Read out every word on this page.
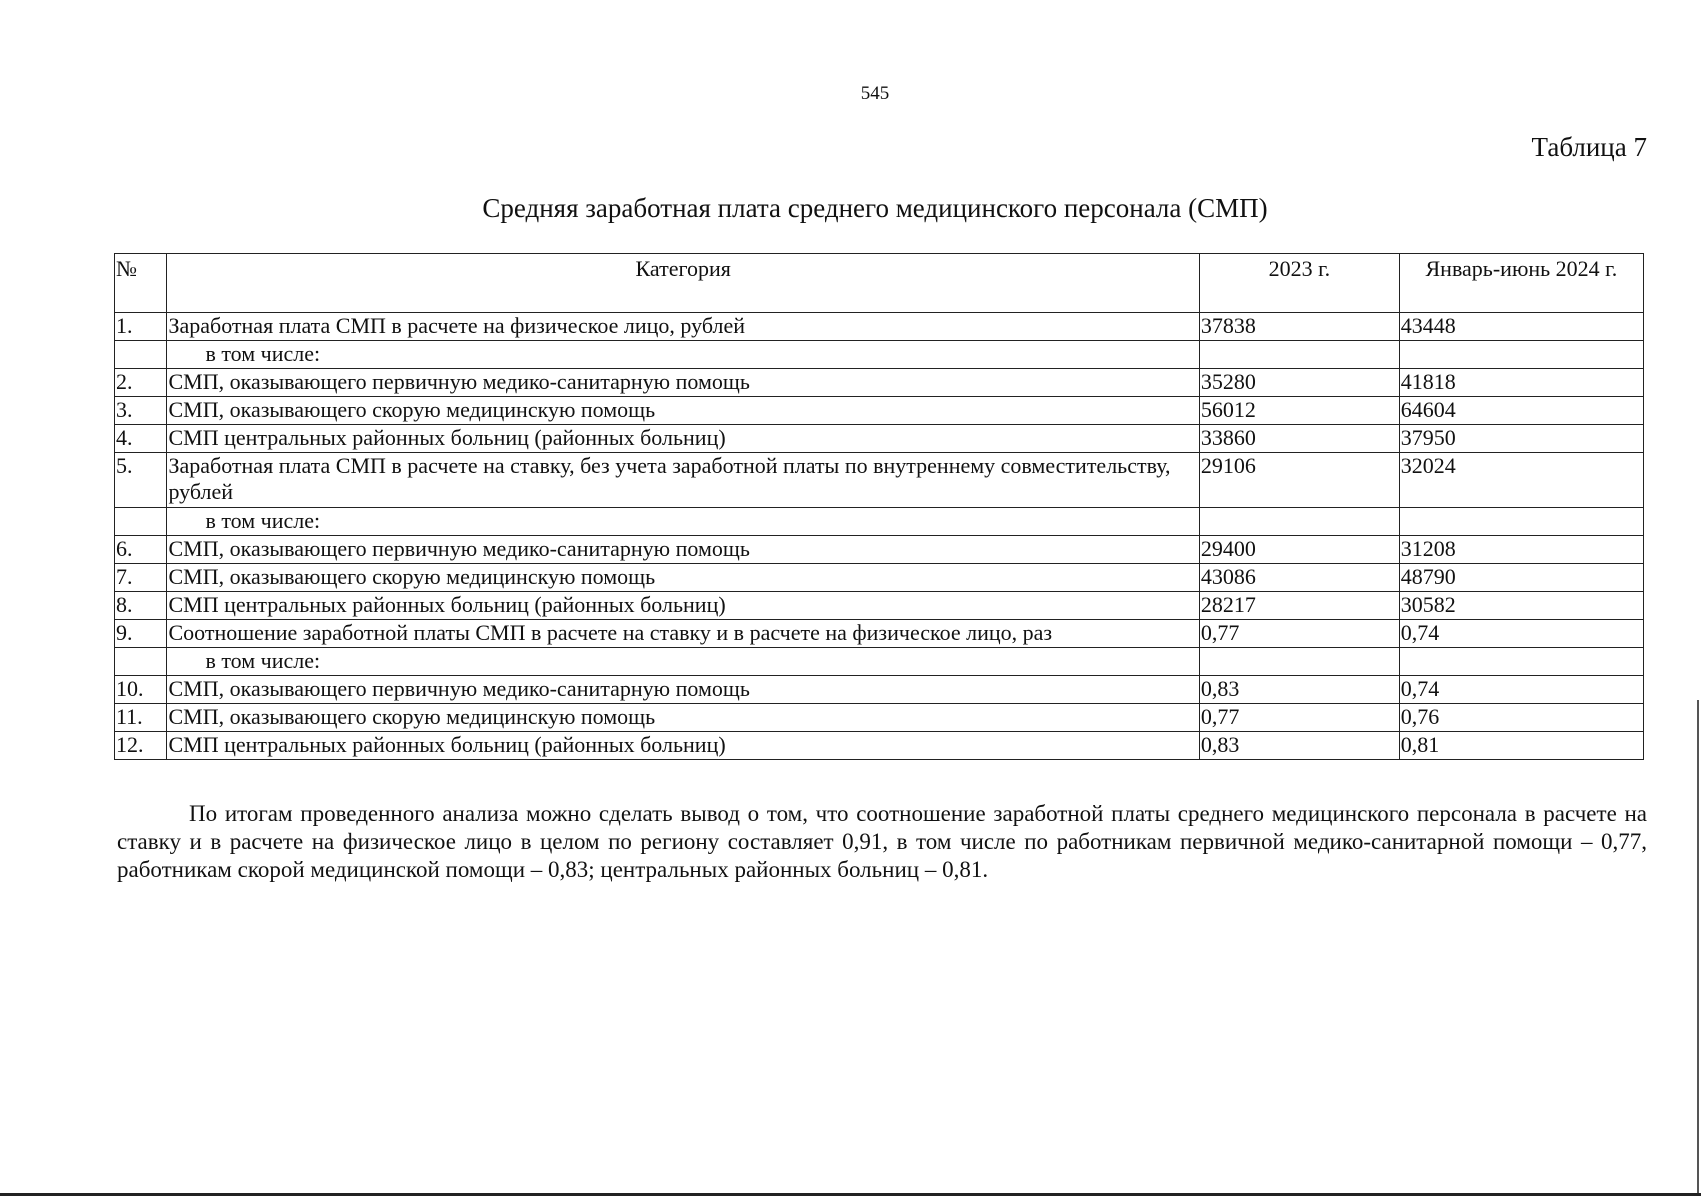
545
Таблица 7
Средняя заработная плата среднего медицинского персонала (СМП)
№	Категория	2023 г.	Январь-июнь 2024 г.
1.	Заработная плата СМП в расчете на физическое лицо, рублей	37838	43448
	в том числе:		
2.	СМП, оказывающего первичную медико-санитарную помощь	35280	41818
3.	СМП, оказывающего скорую медицинскую помощь	56012	64604
4.	СМП центральных районных больниц (районных больниц)	33860	37950
5.	Заработная плата СМП в расчете на ставку, без учета заработной платы по внутреннему совместительству, рублей	29106	32024
	в том числе:		
6.	СМП, оказывающего первичную медико-санитарную помощь	29400	31208
7.	СМП, оказывающего скорую медицинскую помощь	43086	48790
8.	СМП центральных районных больниц (районных больниц)	28217	30582
9.	Соотношение заработной платы СМП в расчете на ставку и в расчете на физическое лицо, раз	0,77	0,74
	в том числе:		
10.	СМП, оказывающего первичную медико-санитарную помощь	0,83	0,74
11.	СМП, оказывающего скорую медицинскую помощь	0,77	0,76
12.	СМП центральных районных больниц (районных больниц)	0,83	0,81

По итогам проведенного анализа можно сделать вывод о том, что соотношение заработной платы среднего медицинского персонала в расчете на ставку и в расчете на физическое лицо в целом по региону составляет 0,91, в том числе по работникам первичной медико-санитарной помощи – 0,77, работникам скорой медицинской помощи – 0,83; центральных районных больниц – 0,81.
